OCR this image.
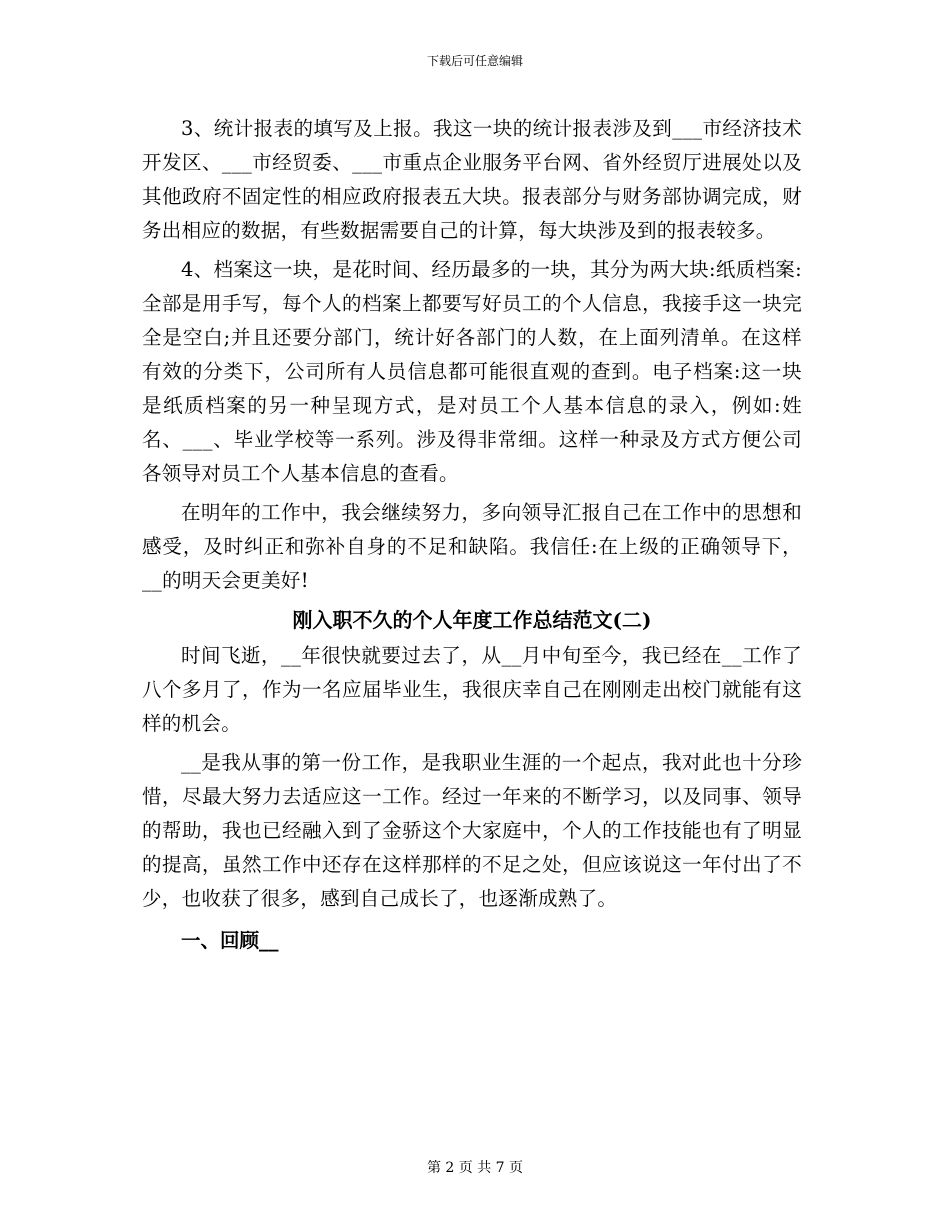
下载后可任意编辑

3、统计报表的填写及上报。我这一块的统计报表涉及到___市经济技术开发区、___市经贸委、___市重点企业服务平台网、省外经贸厅进展处以及其他政府不固定性的相应政府报表五大块。报表部分与财务部协调完成，财务出相应的数据，有些数据需要自己的计算，每大块涉及到的报表较多。

4、档案这一块，是花时间、经历最多的一块，其分为两大块:纸质档案:全部是用手写，每个人的档案上都要写好员工的个人信息，我接手这一块完全是空白;并且还要分部门，统计好各部门的人数，在上面列清单。在这样有效的分类下，公司所有人员信息都可能很直观的查到。电子档案:这一块是纸质档案的另一种呈现方式，是对员工个人基本信息的录入，例如:姓名、___、毕业学校等一系列。涉及得非常细。这样一种录及方式方便公司各领导对员工个人基本信息的查看。

在明年的工作中，我会继续努力，多向领导汇报自己在工作中的思想和感受，及时纠正和弥补自身的不足和缺陷。我信任:在上级的正确领导下，__的明天会更美好!

刚入职不久的个人年度工作总结范文(二)

时间飞逝，__年很快就要过去了，从__月中旬至今，我已经在__工作了八个多月了，作为一名应届毕业生，我很庆幸自己在刚刚走出校门就能有这样的机会。

__是我从事的第一份工作，是我职业生涯的一个起点，我对此也十分珍惜，尽最大努力去适应这一工作。经过一年来的不断学习，以及同事、领导的帮助，我也已经融入到了金骄这个大家庭中，个人的工作技能也有了明显的提高，虽然工作中还存在这样那样的不足之处，但应该说这一年付出了不少，也收获了很多，感到自己成长了，也逐渐成熟了。

一、回顾__
第 2 页 共 7 页
